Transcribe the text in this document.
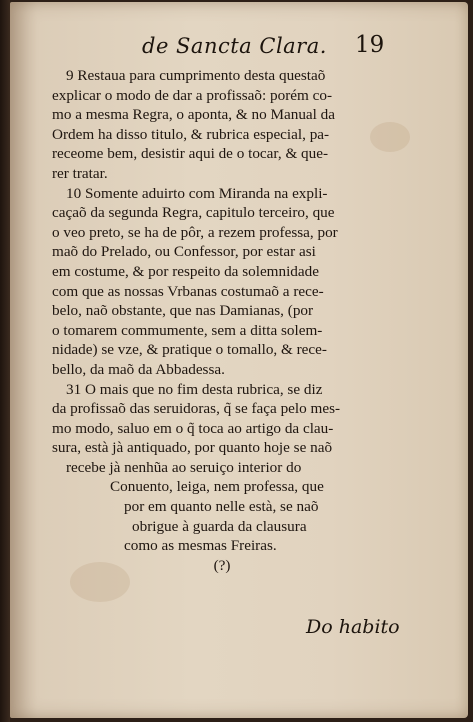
de Sancta Clara. 19
9 Restaua para cumprimento desta questaõ
explicar o modo de dar a profissaõ: porém co-
mo a mesma Regra, o aponta, & no Manual da
Ordem ha disso titulo, & rubrica especial, pa-
receome bem, desistir aqui de o tocar, & que-
rer tratar.
10 Somente aduirto com Miranda na expli-
caçaõ da segunda Regra, capitulo terceiro, que
o veo preto, se ha de pôr, a rezem professa, por
maõ do Prelado, ou Confessor, por estar asi
em costume, & por respeito da solemnidade
com que as nossas Vrbanas costumaõ a rece-
belo, naõ obstante, que nas Damianas, (por
o tomarem commumente, sem a ditta solem-
nidade) se vze, & pratique o tomallo, & rece-
bello, da maõ da Abbadessa.
31 O mais que no fim desta rubrica, se diz
da profissaõ das seruidoras, q̃ se faça pelo mes-
mo modo, saluo em o q̃ toca ao artigo da clau-
sura, està jà antiquado, por quanto hoje se naõ
recebe jà nenhũa ao seruiço interior do
Conuento, leiga, nem professa, que
por em quanto nelle està, se naõ
obrigue à guarda da clausura
como as mesmas Freiras.
(?)
Do habito
